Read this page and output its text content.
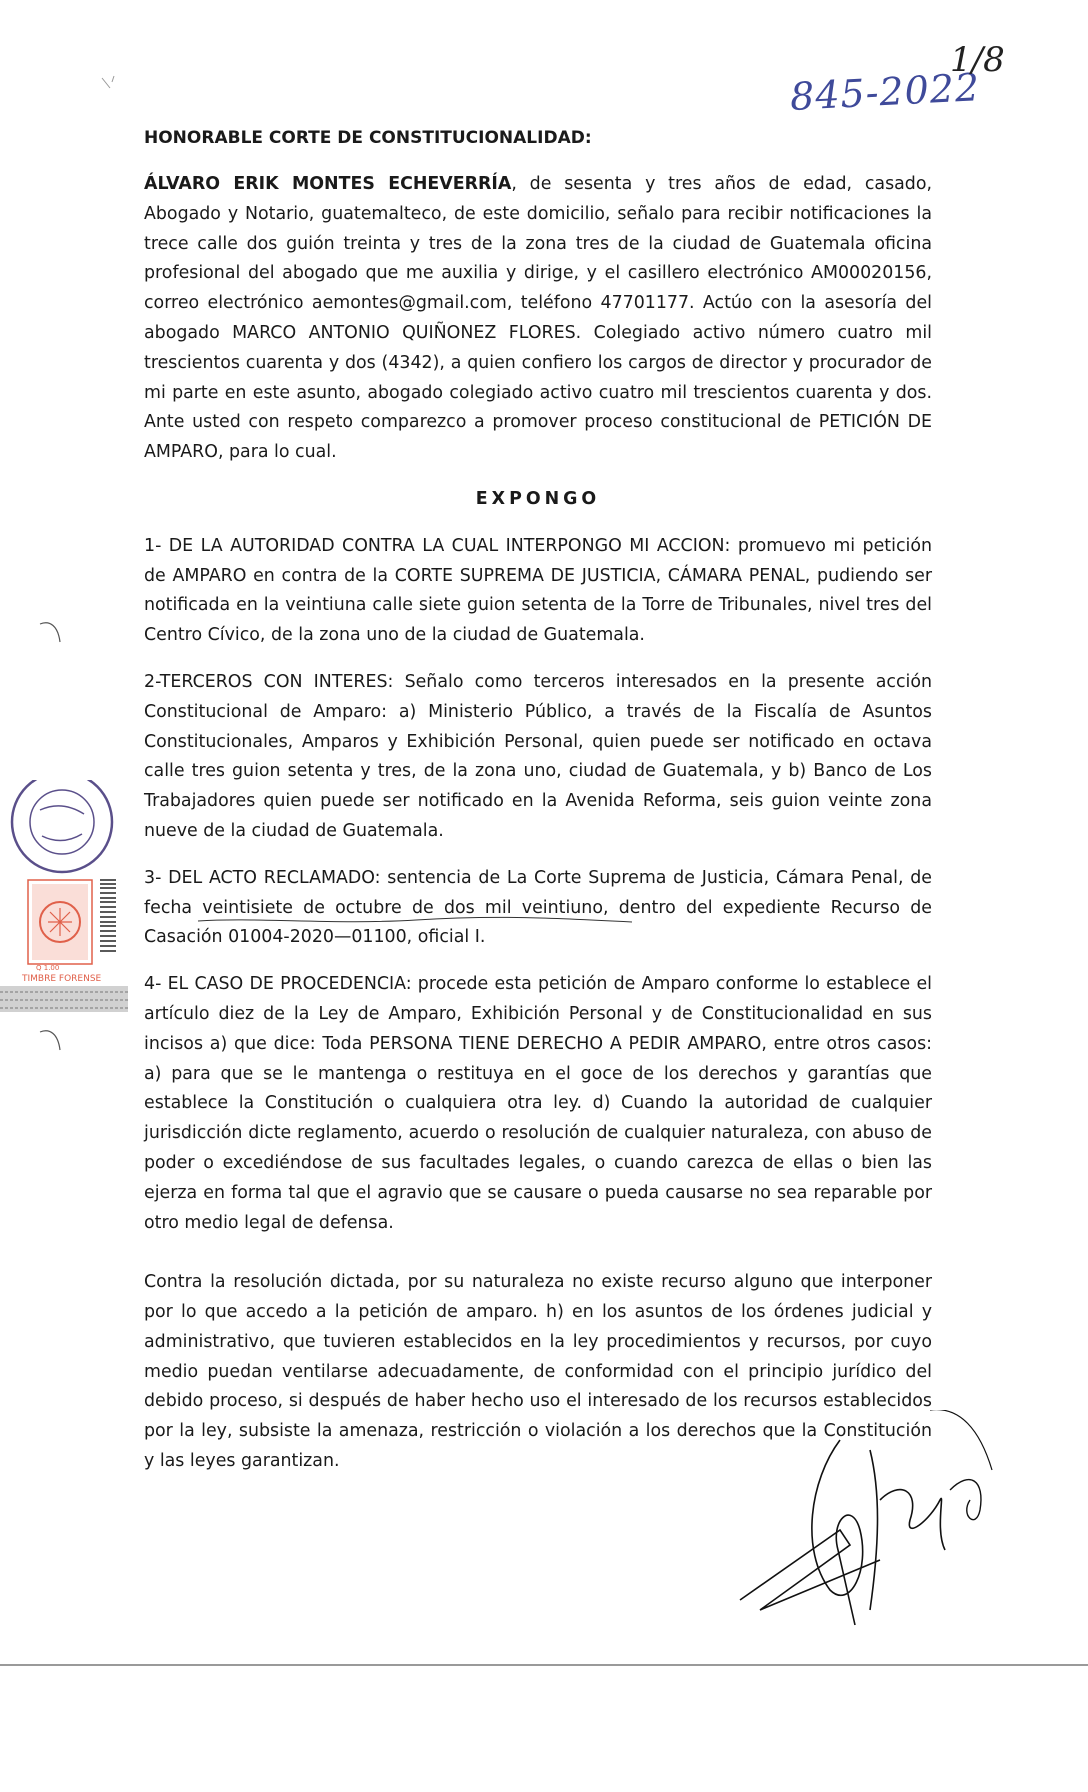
845-2022
1/8
HONORABLE CORTE DE CONSTITUCIONALIDAD:

ÁLVARO ERIK MONTES ECHEVERRÍA, de sesenta y tres años de edad, casado, Abogado y Notario, guatemalteco, de este domicilio, señalo para recibir notificaciones la trece calle dos guión treinta y tres de la zona tres de la ciudad de Guatemala oficina profesional del abogado que me auxilia y dirige, y el casillero electrónico AM00020156, correo electrónico aemontes@gmail.com, teléfono 47701177. Actúo con la asesoría del abogado MARCO ANTONIO QUIÑONEZ FLORES. Colegiado activo número cuatro mil trescientos cuarenta y dos (4342), a quien confiero los cargos de director y procurador de mi parte en este asunto, abogado colegiado activo cuatro mil trescientos cuarenta y dos. Ante usted con respeto comparezco a promover proceso constitucional de PETICIÓN DE AMPARO, para lo cual.

EXPONGO

1- DE LA AUTORIDAD CONTRA LA CUAL INTERPONGO MI ACCION: promuevo mi petición de AMPARO en contra de la CORTE SUPREMA DE JUSTICIA, CÁMARA PENAL, pudiendo ser notificada en la veintiuna calle siete guion setenta de la Torre de Tribunales, nivel tres del Centro Cívico, de la zona uno de la ciudad de Guatemala.

2-TERCEROS CON INTERES: Señalo como terceros interesados en la presente acción Constitucional de Amparo: a) Ministerio Público, a través de la Fiscalía de Asuntos Constitucionales, Amparos y Exhibición Personal, quien puede ser notificado en octava calle tres guion setenta y tres, de la zona uno, ciudad de Guatemala, y b) Banco de Los Trabajadores quien puede ser notificado en la Avenida Reforma, seis guion veinte zona nueve de la ciudad de Guatemala.

3- DEL ACTO RECLAMADO: sentencia de La Corte Suprema de Justicia, Cámara Penal, de fecha veintisiete de octubre de dos mil veintiuno, dentro del expediente Recurso de Casación 01004-2020—01100, oficial I.

4- EL CASO DE PROCEDENCIA: procede esta petición de Amparo conforme lo establece el artículo diez de la Ley de Amparo, Exhibición Personal y de Constitucionalidad en sus incisos a) que dice: Toda PERSONA TIENE DERECHO A PEDIR AMPARO, entre otros casos: a) para que se le mantenga o restituya en el goce de los derechos y garantías que establece la Constitución o cualquiera otra ley. d) Cuando la autoridad de cualquier jurisdicción dicte reglamento, acuerdo o resolución de cualquier naturaleza, con abuso de poder o excediéndose de sus facultades legales, o cuando carezca de ellas o bien las ejerza en forma tal que el agravio que se causare o pueda causarse no sea reparable por otro medio legal de defensa.

Contra la resolución dictada, por su naturaleza no existe recurso alguno que interponer por lo que accedo a la petición de amparo. h) en los asuntos de los órdenes judicial y administrativo, que tuvieren establecidos en la ley procedimientos y recursos, por cuyo medio puedan ventilarse adecuadamente, de conformidad con el principio jurídico del debido proceso, si después de haber hecho uso el interesado de los recursos establecidos por la ley, subsiste la amenaza, restricción o violación a los derechos que la Constitución y las leyes garantizan.

Q 1.00
TIMBRE FORENSE
